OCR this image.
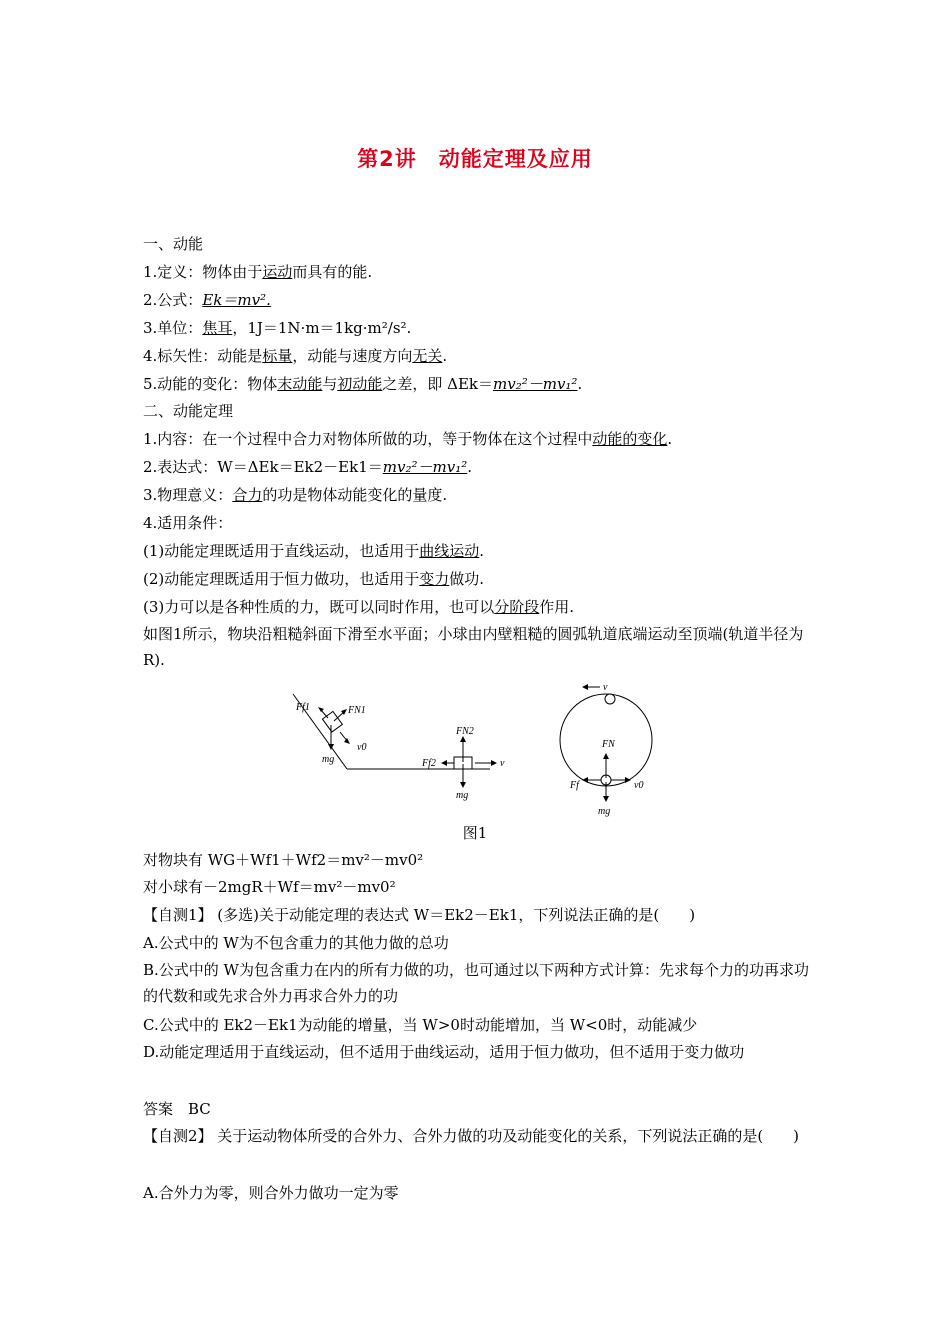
第2讲　动能定理及应用
一、动能
1.定义：物体由于运动而具有的能.
2.公式：Ek＝mv².
3.单位：焦耳，1J＝1N·m＝1kg·m²/s².
4.标矢性：动能是标量，动能与速度方向无关.
5.动能的变化：物体末动能与初动能之差，即 ΔEk＝mv₂²－mv₁².
二、动能定理
1.内容：在一个过程中合力对物体所做的功，等于物体在这个过程中动能的变化.
2.表达式：W＝ΔEk＝Ek2－Ek1＝mv₂²－mv₁².
3.物理意义：合力的功是物体动能变化的量度.
4.适用条件：
(1)动能定理既适用于直线运动，也适用于曲线运动.
(2)动能定理既适用于恒力做功，也适用于变力做功.
(3)力可以是各种性质的力，既可以同时作用，也可以分阶段作用.
如图1所示，物块沿粗糙斜面下滑至水平面；小球由内壁粗糙的圆弧轨道底端运动至顶端(轨道半径为R).
Ff1	FN1
v0
mg
FN2
Ff2	v
mg
v
FN
Ff	v0
mg
图1
对物块有 WG＋Wf1＋Wf2＝mv²－mv0²
对小球有－2mgR＋Wf＝mv²－mv0²
【自测1】 (多选)关于动能定理的表达式 W＝Ek2－Ek1，下列说法正确的是(　　)
A.公式中的 W为不包含重力的其他力做的总功
B.公式中的 W为包含重力在内的所有力做的功，也可通过以下两种方式计算：先求每个力的功再求功的代数和或先求合外力再求合外力的功
C.公式中的 Ek2－Ek1为动能的增量，当 W>0时动能增加，当 W<0时，动能减少
D.动能定理适用于直线运动，但不适用于曲线运动，适用于恒力做功，但不适用于变力做功
答案　BC
【自测2】 关于运动物体所受的合外力、合外力做的功及动能变化的关系，下列说法正确的是(　　)
A.合外力为零，则合外力做功一定为零
